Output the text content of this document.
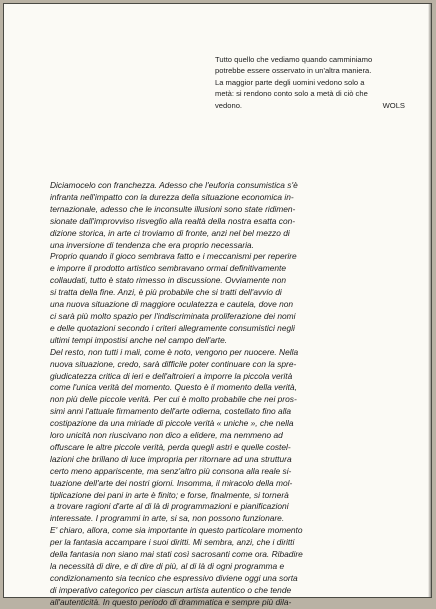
Tutto quello che vediamo quando camminiamo
potrebbe essere osservato in un'altra maniera.
La maggior parte degli uomini vedono solo a
metà: si rendono conto solo a metà di ciò che
vedono.	WOLS
Diciamocelo con franchezza. Adesso che l'euforia consumistica s'è
infranta nell'impatto con la durezza della situazione economica in-
ternazionale, adesso che le inconsulte illusioni sono state ridimen-
sionate dall'improvviso risveglio alla realtà della nostra esatta con-
dizione storica, in arte ci troviamo di fronte, anzi nel bel mezzo di
una inversione di tendenza che era proprio necessaria.
Proprio quando il gioco sembrava fatto e i meccanismi per reperire
e imporre il prodotto artistico sembravano ormai definitivamente
collaudati, tutto è stato rimesso in discussione. Ovviamente non
si tratta della fine. Anzi, è più probabile che si tratti dell'avvio di
una nuova situazione di maggiore oculatezza e cautela, dove non
ci sarà più molto spazio per l'indiscriminata proliferazione dei nomi
e delle quotazioni secondo i criteri allegramente consumistici negli
ultimi tempi impostisi anche nel campo dell'arte.
Del resto, non tutti i mali, come è noto, vengono per nuocere. Nella
nuova situazione, credo, sarà difficile poter continuare con la spre-
giudicatezza critica di ieri e dell'altroieri a imporre la piccola verità
come l'unica verità del momento. Questo è il momento della verità,
non più delle piccole verità. Per cui è molto probabile che nei pros-
simi anni l'attuale firmamento dell'arte odierna, costellato fino alla
costipazione da una miriade di piccole verità « uniche », che nella
loro unicità non riuscivano non dico a elidere, ma nemmeno ad
offuscare le altre piccole verità, perda quegli astri e quelle costel-
lazioni che brillano di luce impropria per ritornare ad una struttura
certo meno appariscente, ma senz'altro più consona alla reale si-
tuazione dell'arte dei nostri giorni. Insomma, il miracolo della mol-
tiplicazione dei pani in arte è finito; e forse, finalmente, si tornerà
a trovare ragioni d'arte al di là di programmazioni e pianificazioni
interessate. I programmi in arte, si sa, non possono funzionare.
E' chiaro, allora, come sia importante in questo particolare momento
per la fantasia accampare i suoi diritti. Mi sembra, anzi, che i diritti
della fantasia non siano mai stati così sacrosanti come ora. Ribadire
la necessità di dire, e di dire di più, al di là di ogni programma e
condizionamento sia tecnico che espressivo diviene oggi una sorta
di imperativo categorico per ciascun artista autentico o che tende
all'autenticità. In questo periodo di drammatica e sempre più dila-
